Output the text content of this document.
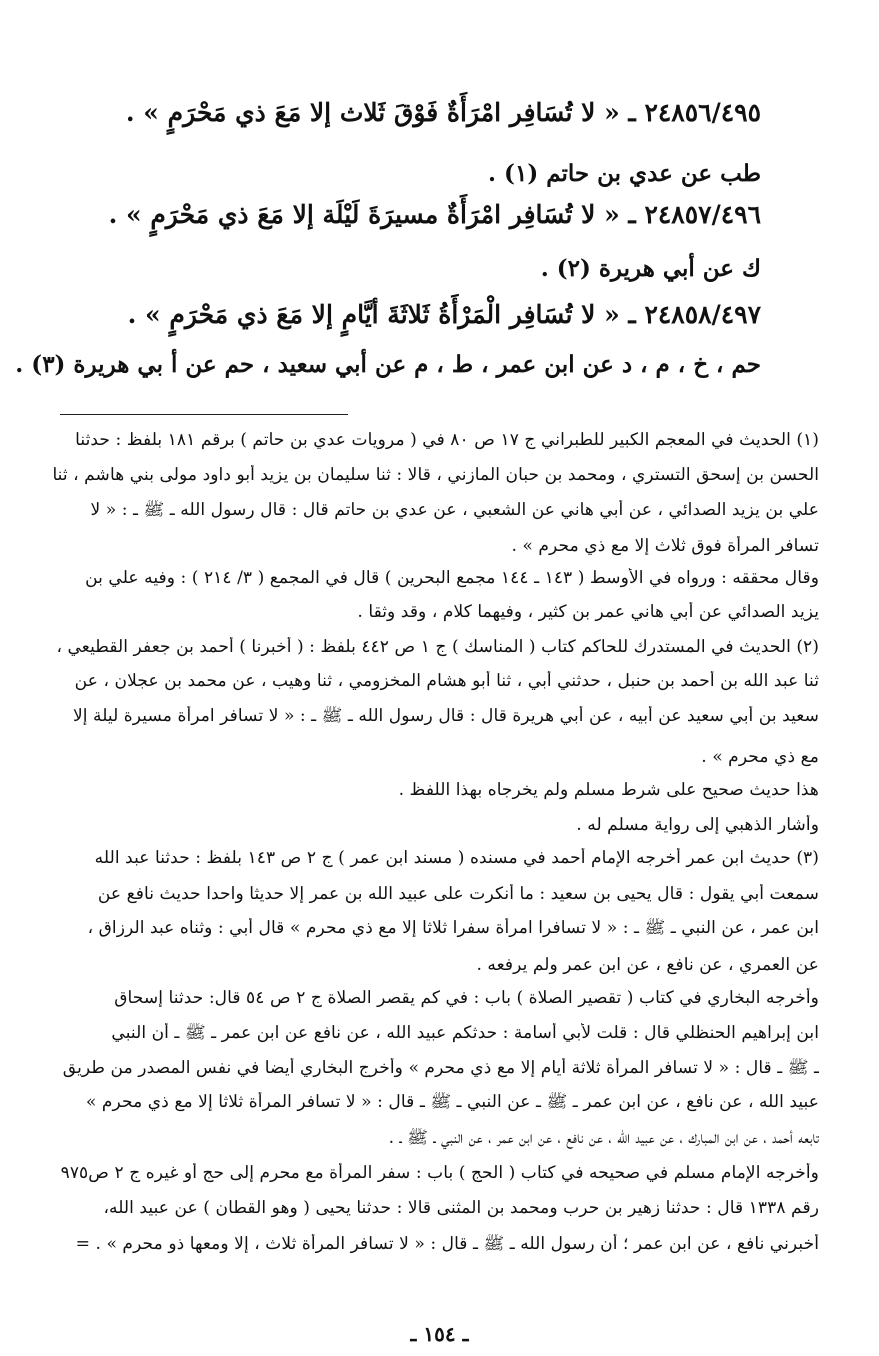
٢٤٨٥٦/٤٩٥ ـ « لا تُسَافِر امْرَأَةٌ فَوْقَ ثَلاث إلا مَعَ ذي مَحْرَمٍ » .
طب عن عدي بن حاتم (١) .
٢٤٨٥٧/٤٩٦ ـ « لا تُسَافِر امْرَأَةٌ مسيرَةَ لَيْلَة إلا مَعَ ذي مَحْرَمٍ » .
ك عن أبي هريرة (٢) .
٢٤٨٥٨/٤٩٧ ـ « لا تُسَافِر الْمَرْأَةُ ثَلاثَةَ أيَّامٍ إلا مَعَ ذي مَحْرَمٍ » .
حم ، خ ، م ، د عن ابن عمر ، ط ، م عن أبي سعيد ، حم عن أ بي هريرة (٣) .
(١) الحديث في المعجم الكبير للطبراني ج ١٧ ص ٨٠ في ( مرويات عدي بن حاتم ) برقم ١٨١ بلفظ : حدثنا
الحسن بن إسحق التستري ، ومحمد بن حبان المازني ، قالا : ثنا سليمان بن يزيد أبو داود مولى بني هاشم ، ثنا
علي بن يزيد الصدائي ، عن أبي هاني عن الشعبي ، عن عدي بن حاتم قال : قال رسول الله ـ ﷺ ـ : « لا
تسافر المرأة فوق ثلاث إلا مع ذي محرم » .
وقال محققه : ورواه في الأوسط ( ١٤٣ ـ ١٤٤ مجمع البحرين ) قال في المجمع ( ٣/ ٢١٤ ) : وفيه علي بن
يزيد الصدائي عن أبي هاني عمر بن كثير ، وفيهما كلام ، وقد وثقا .
(٢) الحديث في المستدرك للحاكم كتاب ( المناسك ) ج ١ ص ٤٤٢ بلفظ : ( أخبرنا ) أحمد بن جعفر القطيعي ،
ثنا عبد الله بن أحمد بن حنبل ، حدثني أبي ، ثنا أبو هشام المخزومي ، ثنا وهيب ، عن محمد بن عجلان ، عن
سعيد بن أبي سعيد عن أبيه ، عن أبي هريرة قال : قال رسول الله ـ ﷺ ـ : « لا تسافر امرأة مسيرة ليلة إلا
مع ذي محرم » .
هذا حديث صحيح على شرط مسلم ولم يخرجاه بهذا اللفظ .
وأشار الذهبي إلى رواية مسلم له .
(٣) حديث ابن عمر أخرجه الإمام أحمد في مسنده ( مسند ابن عمر ) ج ٢ ص ١٤٣ بلفظ : حدثنا عبد الله
سمعت أبي يقول : قال يحيى بن سعيد : ما أنكرت على عبيد الله بن عمر إلا حديثا واحدا حديث نافع عن
ابن عمر ، عن النبي ـ ﷺ ـ : « لا تسافرا امرأة سفرا ثلاثا إلا مع ذي محرم » قال أبي : وثناه عبد الرزاق ،
عن العمري ، عن نافع ، عن ابن عمر ولم يرفعه .
وأخرجه البخاري في كتاب ( تقصير الصلاة ) باب : في كم يقصر الصلاة ج ٢ ص ٥٤ قال: حدثنا إسحاق
ابن إبراهيم الحنظلي قال : قلت لأبي أسامة : حدثكم عبيد الله ، عن نافع عن ابن عمر ـ ﷺ ـ أن النبي
ـ ﷺ ـ قال : « لا تسافر المرأة ثلاثة أيام إلا مع ذي محرم » وأخرج البخاري أيضا في نفس المصدر من طريق
عبيد الله ، عن نافع ، عن ابن عمر ـ ﷺ ـ عن النبي ـ ﷺ ـ قال : « لا تسافر المرأة ثلاثا إلا مع ذي محرم »
تابعه أحمد ، عن ابن المبارك ، عن عبيد الله ، عن نافع ، عن ابن عمر ، عن النبي ـ ﷺ ـ .
وأخرجه الإمام مسلم في صحيحه في كتاب ( الحج ) باب : سفر المرأة مع محرم إلى حج أو غيره ج ٢ ص٩٧٥
رقم ١٣٣٨ قال : حدثنا زهير بن حرب ومحمد بن المثنى قالا : حدثنا يحيى ( وهو القطان ) عن عبيد الله،
أخبرني نافع ، عن ابن عمر ؛ أن رسول الله ـ ﷺ ـ قال : « لا تسافر المرأة ثلاث ، إلا ومعها ذو محرم » . =
ـ ١٥٤ ـ
